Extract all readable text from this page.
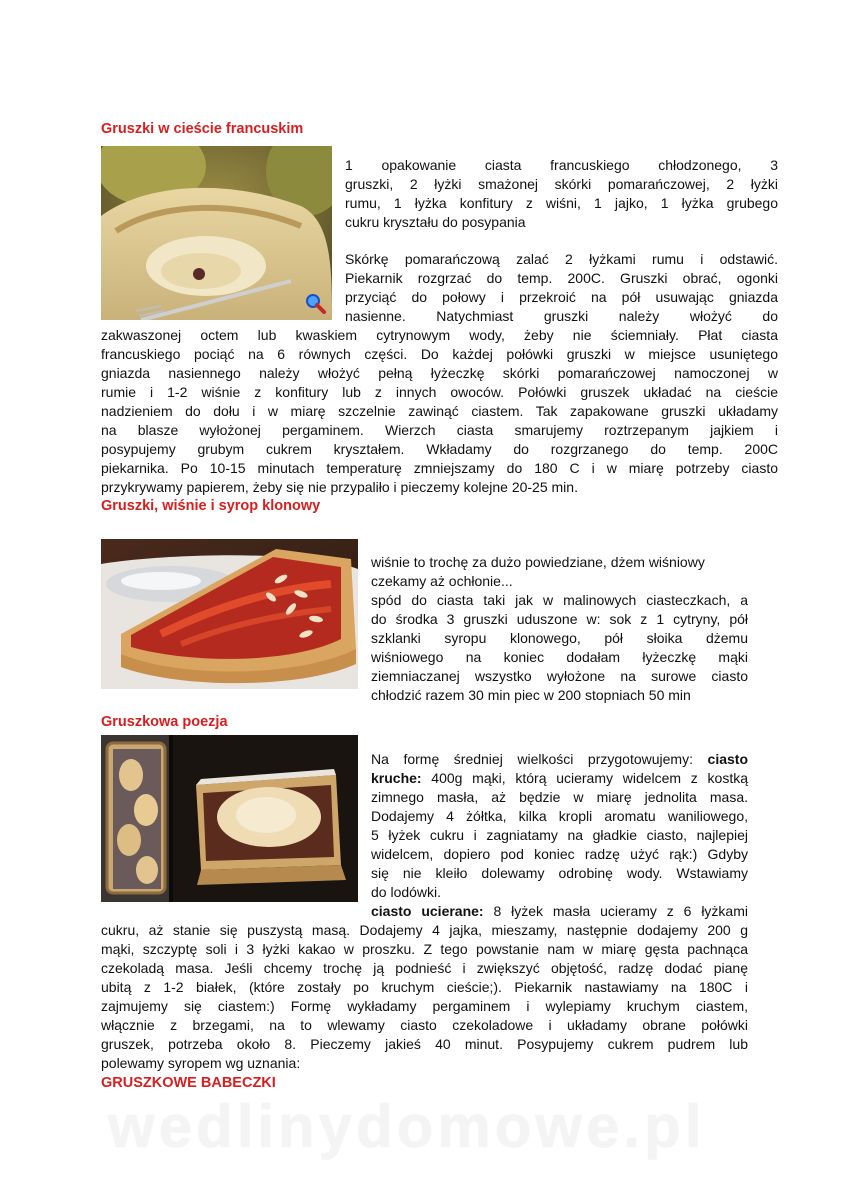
Gruszki w cieście francuskim
1 opakowanie ciasta francuskiego chłodzonego, 3
gruszki, 2 łyżki smażonej skórki pomarańczowej, 2 łyżki
rumu, 1 łyżka konfitury z wiśni, 1 jajko, 1 łyżka grubego
cukru kryształu do posypania
Skórkę pomarańczową zalać 2 łyżkami rumu i odstawić.
Piekarnik rozgrzać do temp. 200C. Gruszki obrać, ogonki
przyciąć do połowy i przekroić na pół usuwając gniazda
nasienne. Natychmiast gruszki należy włożyć do
zakwaszonej octem lub kwaskiem cytrynowym wody, żeby nie ściemniały. Płat ciasta
francuskiego pociąć na 6 równych części. Do każdej połówki gruszki w miejsce usuniętego
gniazda nasiennego należy włożyć pełną łyżeczkę skórki pomarańczowej namoczonej w
rumie i 1-2 wiśnie z konfitury lub z innych owoców. Połówki gruszek układać na cieście
nadzieniem do dołu i w miarę szczelnie zawinąć ciastem. Tak zapakowane gruszki układamy
na blasze wyłożonej pergaminem. Wierzch ciasta smarujemy roztrzepanym jajkiem i
posypujemy grubym cukrem kryształem. Wkładamy do rozgrzanego do temp. 200C
piekarnika. Po 10-15 minutach temperaturę zmniejszamy do 180 C i w miarę potrzeby ciasto
przykrywamy papierem, żeby się nie przypaliło i pieczemy kolejne 20-25 min.
Gruszki, wiśnie i syrop klonowy
wiśnie to trochę za dużo powiedziane, dżem wiśniowy
czekamy aż ochłonie...
spód do ciasta taki jak w malinowych ciasteczkach, a
do środka 3 gruszki uduszone w: sok z 1 cytryny, pół
szklanki syropu klonowego, pół słoika dżemu
wiśniowego na koniec dodałam łyżeczkę mąki
ziemniaczanej wszystko wyłożone na surowe ciasto
chłodzić razem 30 min piec w 200 stopniach 50 min
Gruszkowa poezja
Na formę średniej wielkości przygotowujemy: ciasto
kruche: 400g mąki, którą ucieramy widelcem z kostką
zimnego masła, aż będzie w miarę jednolita masa.
Dodajemy 4 żółtka, kilka kropli aromatu waniliowego,
5 łyżek cukru i zagniatamy na gładkie ciasto, najlepiej
widelcem, dopiero pod koniec radzę użyć rąk:) Gdyby
się nie kleiło dolewamy odrobinę wody. Wstawiamy
do lodówki.
ciasto ucierane: 8 łyżek masła ucieramy z 6 łyżkami
cukru, aż stanie się puszystą masą. Dodajemy 4 jajka, mieszamy, następnie dodajemy 200 g
mąki, szczyptę soli i 3 łyżki kakao w proszku. Z tego powstanie nam w miarę gęsta pachnąca
czekoladą masa. Jeśli chcemy trochę ją podnieść i zwiększyć objętość, radzę dodać pianę
ubitą z 1-2 białek, (które zostały po kruchym cieście;). Piekarnik nastawiamy na 180C i
zajmujemy się ciastem:) Formę wykładamy pergaminem i wylepiamy kruchym ciastem,
włącznie z brzegami, na to wlewamy ciasto czekoladowe i układamy obrane połówki
gruszek, potrzeba około 8. Pieczemy jakieś 40 minut. Posypujemy cukrem pudrem lub
polewamy syropem wg uznania:
GRUSZKOWE BABECZKI
wedlinydomowe.pl
